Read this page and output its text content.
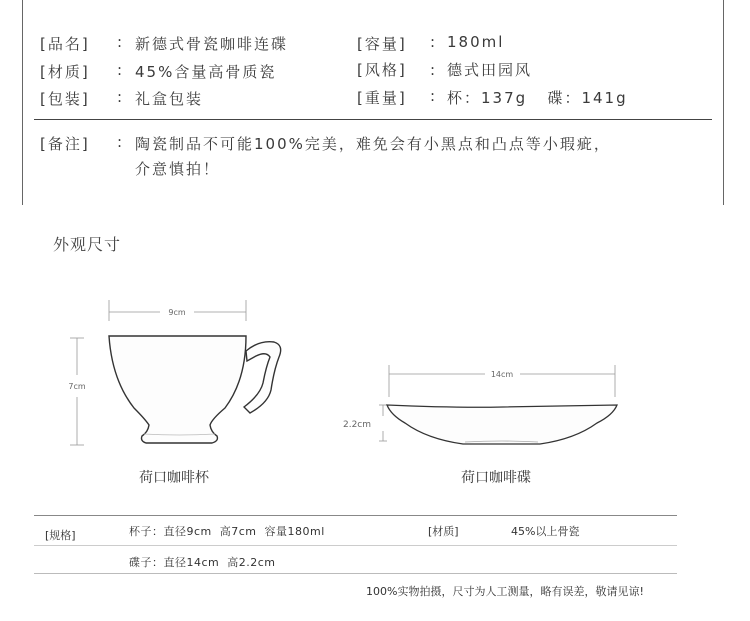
[品名] : 新德式骨瓷咖啡连碟	[容量] : 180ml
[材质] : 45%含量高骨质瓷	[风格] : 德式田园风
[包装] : 礼盒包装	[重量] : 杯：137g   碟：141g
[备注] : 陶瓷制品不可能100%完美，难免会有小黑点和凸点等小瑕疵，
介意慎拍！
外观尺寸
9cm
7cm
荷口咖啡杯
14cm
2.2cm
荷口咖啡碟
[规格]	杯子：直径9cm  高7cm  容量180ml	[材质]	45%以上骨瓷
碟子：直径14cm  高2.2cm
100%实物拍摄，尺寸为人工测量，略有误差，敬请见谅!
